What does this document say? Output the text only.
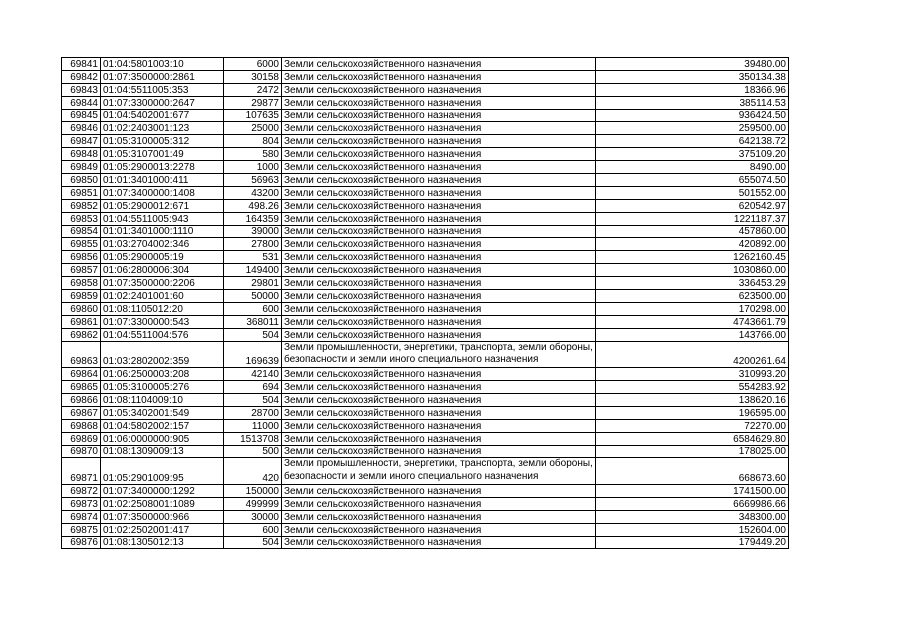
69841	01:04:5801003:10	6000	Земли сельскохозяйственного назначения	39480.00
69842	01:07:3500000:2861	30158	Земли сельскохозяйственного назначения	350134.38
69843	01:04:5511005:353	2472	Земли сельскохозяйственного назначения	18366.96
69844	01:07:3300000:2647	29877	Земли сельскохозяйственного назначения	385114.53
69845	01:04:5402001:677	107635	Земли сельскохозяйственного назначения	936424.50
69846	01:02:2403001:123	25000	Земли сельскохозяйственного назначения	259500.00
69847	01:05:3100005:312	804	Земли сельскохозяйственного назначения	642138.72
69848	01:05:3107001:49	580	Земли сельскохозяйственного назначения	375109.20
69849	01:05:2900013:2278	1000	Земли сельскохозяйственного назначения	8490.00
69850	01:01:3401000:411	56963	Земли сельскохозяйственного назначения	655074.50
69851	01:07:3400000:1408	43200	Земли сельскохозяйственного назначения	501552.00
69852	01:05:2900012:671	498.26	Земли сельскохозяйственного назначения	620542.97
69853	01:04:5511005:943	164359	Земли сельскохозяйственного назначения	1221187.37
69854	01:01:3401000:1110	39000	Земли сельскохозяйственного назначения	457860.00
69855	01:03:2704002:346	27800	Земли сельскохозяйственного назначения	420892.00
69856	01:05:2900005:19	531	Земли сельскохозяйственного назначения	1262160.45
69857	01:06:2800006:304	149400	Земли сельскохозяйственного назначения	1030860.00
69858	01:07:3500000:2206	29801	Земли сельскохозяйственного назначения	336453.29
69859	01:02:2401001:60	50000	Земли сельскохозяйственного назначения	623500.00
69860	01:08:1105012:20	600	Земли сельскохозяйственного назначения	170298.00
69861	01:07:3300000:543	368011	Земли сельскохозяйственного назначения	4743661.79
69862	01:04:5511004:576	504	Земли сельскохозяйственного назначения	143766.00
69863	01:03:2802002:359	169639	Земли промышленности, энергетики, транспорта, земли обороны, безопасности и земли иного специального назначения	4200261.64
69864	01:06:2500003:208	42140	Земли сельскохозяйственного назначения	310993.20
69865	01:05:3100005:276	694	Земли сельскохозяйственного назначения	554283.92
69866	01:08:1104009:10	504	Земли сельскохозяйственного назначения	138620.16
69867	01:05:3402001:549	28700	Земли сельскохозяйственного назначения	196595.00
69868	01:04:5802002:157	11000	Земли сельскохозяйственного назначения	72270.00
69869	01:06:0000000:905	1513708	Земли сельскохозяйственного назначения	6584629.80
69870	01:08:1309009:13	500	Земли сельскохозяйственного назначения	178025.00
69871	01:05:2901009:95	420	Земли промышленности, энергетики, транспорта, земли обороны, безопасности и земли иного специального назначения	668673.60
69872	01:07:3400000:1292	150000	Земли сельскохозяйственного назначения	1741500.00
69873	01:02:2508001:1089	499999	Земли сельскохозяйственного назначения	6669986.66
69874	01:07:3500000:966	30000	Земли сельскохозяйственного назначения	348300.00
69875	01:02:2502001:417	600	Земли сельскохозяйственного назначения	152604.00
69876	01:08:1305012:13	504	Земли сельскохозяйственного назначения	179449.20
